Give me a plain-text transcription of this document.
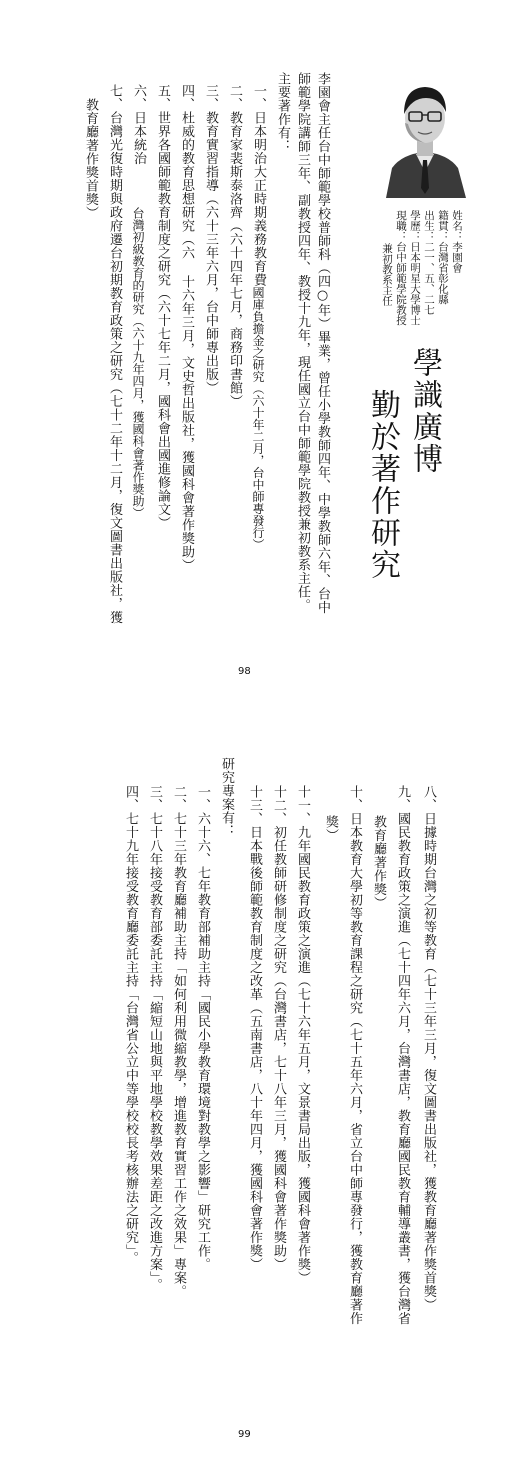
姓名：李園會
籍貫：台灣省彰化縣
出生：二一、五、二七
學歷：日本明星大學博士
現職：台中師範學院教授
兼初教系主任
學識廣博
勤於著作研究
李園會主任台中師範學校普師科（四○年）畢業，曾任小學教師四年、中學教師六年、台中
師範學院講師三年、副教授四年、教授十九年，現任國立台中師範學院教授兼初教系主任。
主要著作有：
一、日本明治大正時期義務教育費國庫負擔金之研究（六十年二月，台中師專發行）
二、教育家裴斯泰洛齊（六十四年七月，商務印書館）
三、教育實習指導（六十三年六月，台中師專出版）
四、杜威的教育思想研究（六 十六年三月，文史哲出版社，獲國科會著作獎助）
五、世界各國師範教育制度之研究（六十七年二月，國科會出國進修論文）
六、日本統治台灣初級教育的研究（六十九年四月，獲國科會著作獎助）
七、台灣光復時期與政府遷台初期教育政策之研究（七十二年十二月，復文圖書出版社，獲
教育廳著作獎首獎）
98
八、日據時期台灣之初等教育（七十三年三月，復文圖書出版社，獲教育廳著作獎首獎）
九、國民教育政策之演進（七十四年六月，台灣書店，教育廳國民教育輔導叢書，獲台灣省
教育廳著作獎）
十、日本教育大學初等教育課程之研究（七十五年六月，省立台中師專發行，獲教育廳著作
獎）
十一、九年國民教育政策之演進（七十六年五月，文景書局出版，獲國科會著作獎）
十二、初任教師研修制度之研究（台灣書店，七十八年三月，獲國科會著作獎助）
十三、日本戰後師範教育制度之改革（五南書店，八十年四月，獲國科會著作獎）
研究專案有：
一、六十六、七年教育部補助主持「國民小學教育環境對教學之影響」研究工作。
二、七十三年教育廳補助主持「如何利用微縮教學，增進教育實習工作之效果」專案。
三、七十八年接受教育部委託主持「縮短山地與平地學校教學效果差距之改進方案」。
四、七十九年接受教育廳委託主持「台灣省公立中等學校校長考核辦法之研究」。
99
